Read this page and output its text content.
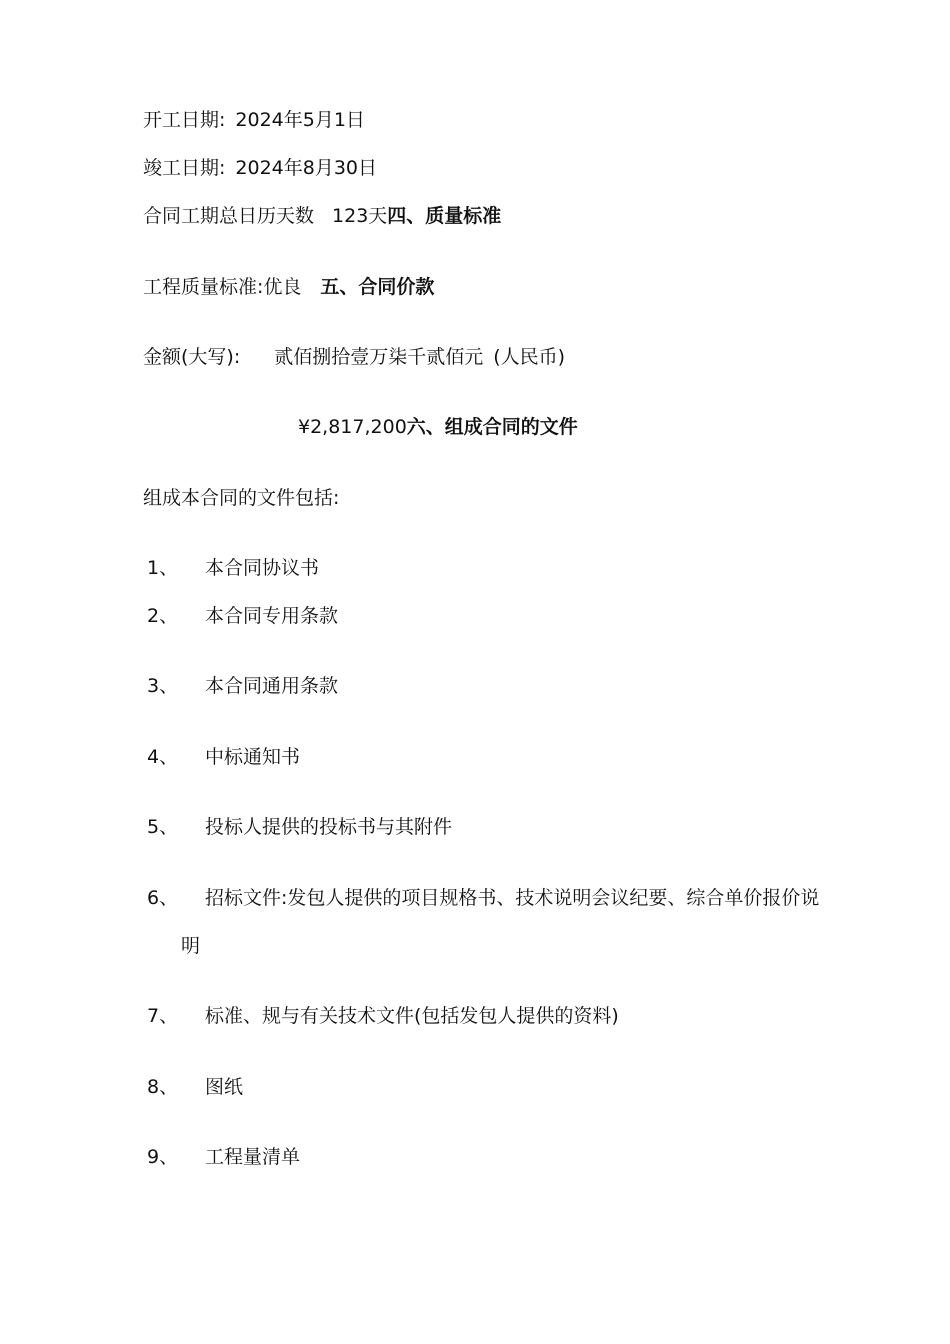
开工日期: 2024年5月1日
竣工日期: 2024年8月30日
合同工期总日历天数 123天四、质量标准
工程质量标准:优良 五、合同价款
金额(大写): 贰佰捌拾壹万柒千贰佰元 (人民币)
¥2,817,200六、组成合同的文件
组成本合同的文件包括:
1、 本合同协议书
2、 本合同专用条款
3、 本合同通用条款
4、 中标通知书
5、 投标人提供的投标书与其附件
6、 招标文件:发包人提供的项目规格书、技术说明会议纪要、综合单价报价说
明
7、 标准、规与有关技术文件(包括发包人提供的资料)
8、 图纸
9、 工程量清单
